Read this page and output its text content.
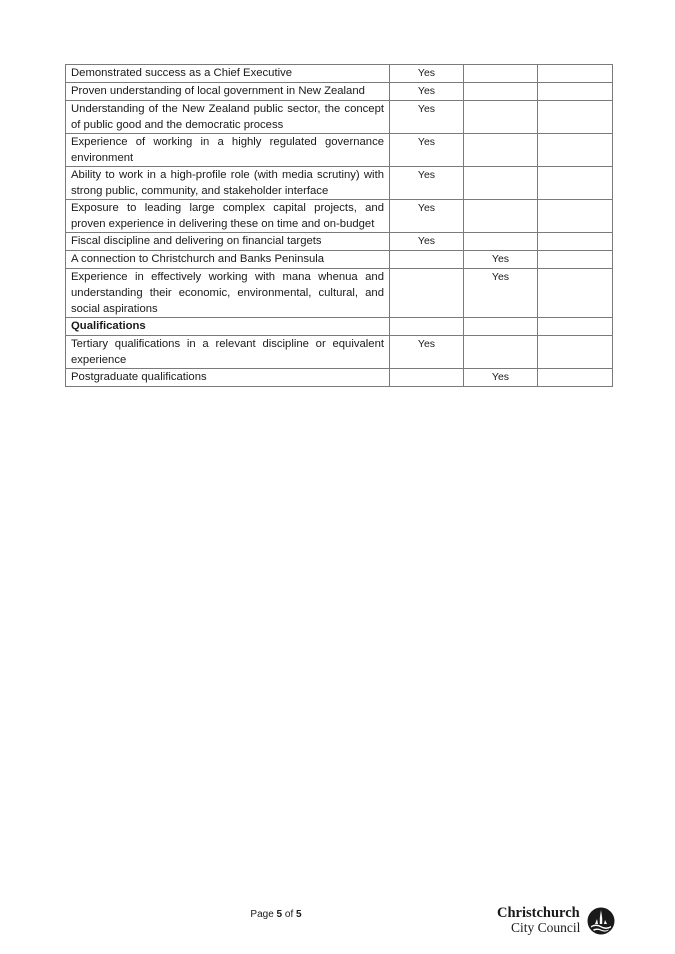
Demonstrated success as a Chief Executive	Yes		
Proven understanding of local government in New Zealand	Yes		
Understanding of the New Zealand public sector, the concept of public good and the democratic process	Yes		
Experience of working in a highly regulated governance environment	Yes		
Ability to work in a high-profile role (with media scrutiny) with strong public, community, and stakeholder interface	Yes		
Exposure to leading large complex capital projects, and proven experience in delivering these on time and on-budget	Yes		
Fiscal discipline and delivering on financial targets	Yes		
A connection to Christchurch and Banks Peninsula		Yes	
Experience in effectively working with mana whenua and understanding their economic, environmental, cultural, and social aspirations		Yes	
Qualifications			
Tertiary qualifications in a relevant discipline or equivalent experience	Yes		
Postgraduate qualifications		Yes	
Page 5 of 5	Christchurch
City Council
